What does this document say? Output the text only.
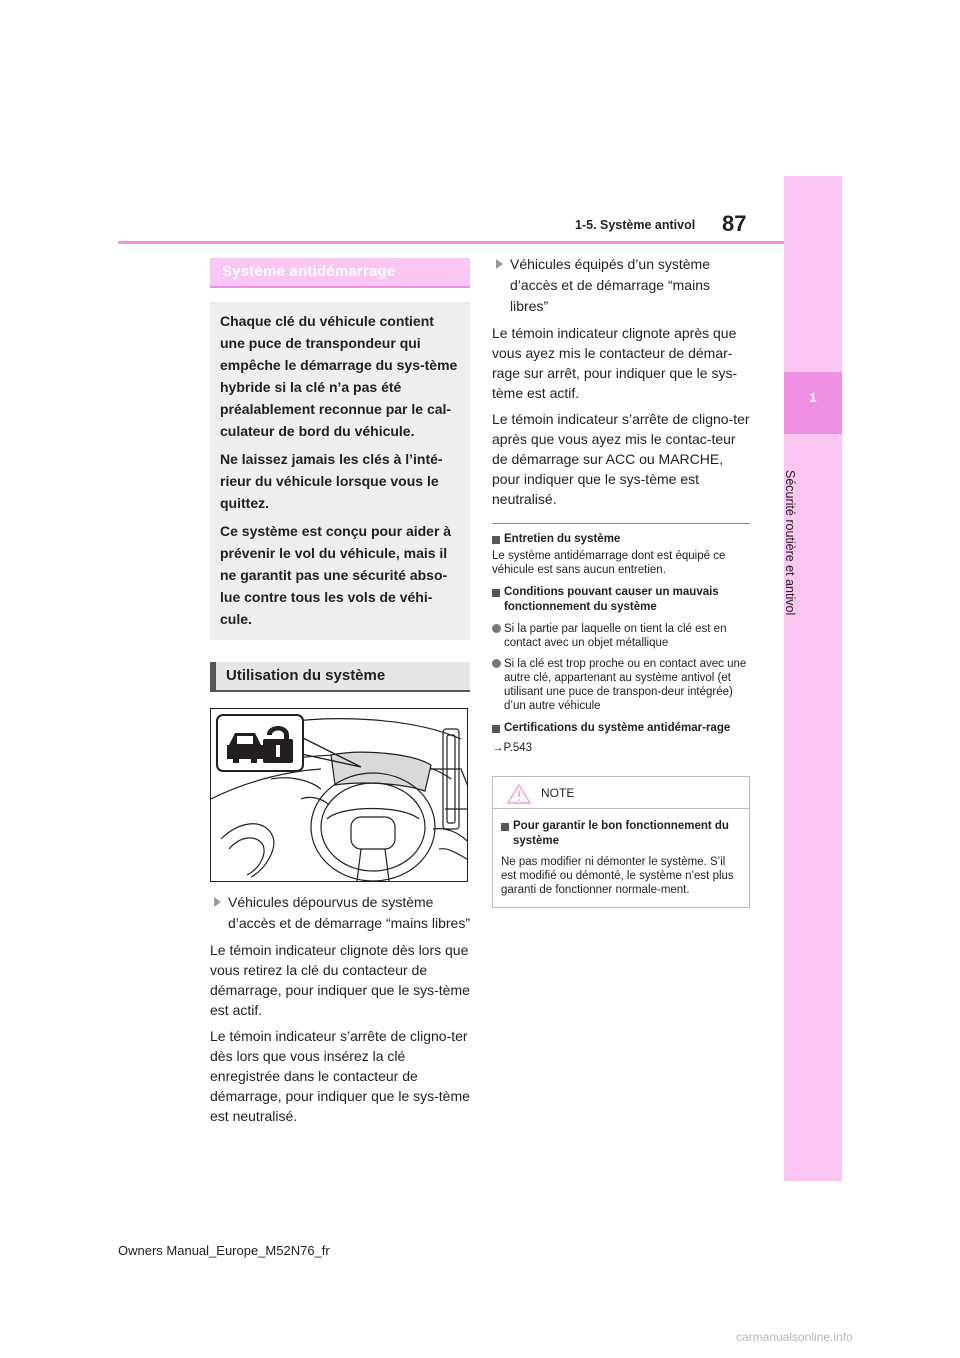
1
Sécurité routière et antivol
1-5. Système antivol 87
Système antidémarrage

Chaque clé du véhicule contient une puce de transpondeur qui empêche le démarrage du sys-tème hybride si la clé n’a pas été préalablement reconnue par le cal-culateur de bord du véhicule.

Ne laissez jamais les clés à l’inté-rieur du véhicule lorsque vous le quittez.

Ce système est conçu pour aider à prévenir le vol du véhicule, mais il ne garantit pas une sécurité abso-lue contre tous les vols de véhi-cule.

Utilisation du système
Véhicules dépourvus de système d’accès et de démarrage “mains libres”
Le témoin indicateur clignote dès lors que vous retirez la clé du contacteur de démarrage, pour indiquer que le sys-tème est actif.
Le témoin indicateur s’arrête de cligno-ter dès lors que vous insérez la clé enregistrée dans le contacteur de démarrage, pour indiquer que le sys-tème est neutralisé.
Véhicules équipés d’un système d’accès et de démarrage “mains libres”
Le témoin indicateur clignote après que vous ayez mis le contacteur de démar-rage sur arrêt, pour indiquer que le sys-tème est actif.
Le témoin indicateur s’arrête de cligno-ter après que vous ayez mis le contac-teur de démarrage sur ACC ou MARCHE, pour indiquer que le sys-tème est neutralisé.
Entretien du système
Le système antidémarrage dont est équipé ce véhicule est sans aucun entretien.
Conditions pouvant causer un mauvais fonctionnement du système
Si la partie par laquelle on tient la clé est en contact avec un objet métallique
Si la clé est trop proche ou en contact avec une autre clé, appartenant au système antivol (et utilisant une puce de transpon-deur intégrée) d’un autre véhicule
Certifications du système antidémar-rage
→P.543
NOTE
Pour garantir le bon fonctionnement du système
Ne pas modifier ni démonter le système. S’il est modifié ou démonté, le système n’est plus garanti de fonctionner normale-ment.
Owners Manual_Europe_M52N76_fr
carmanualsonline.info
